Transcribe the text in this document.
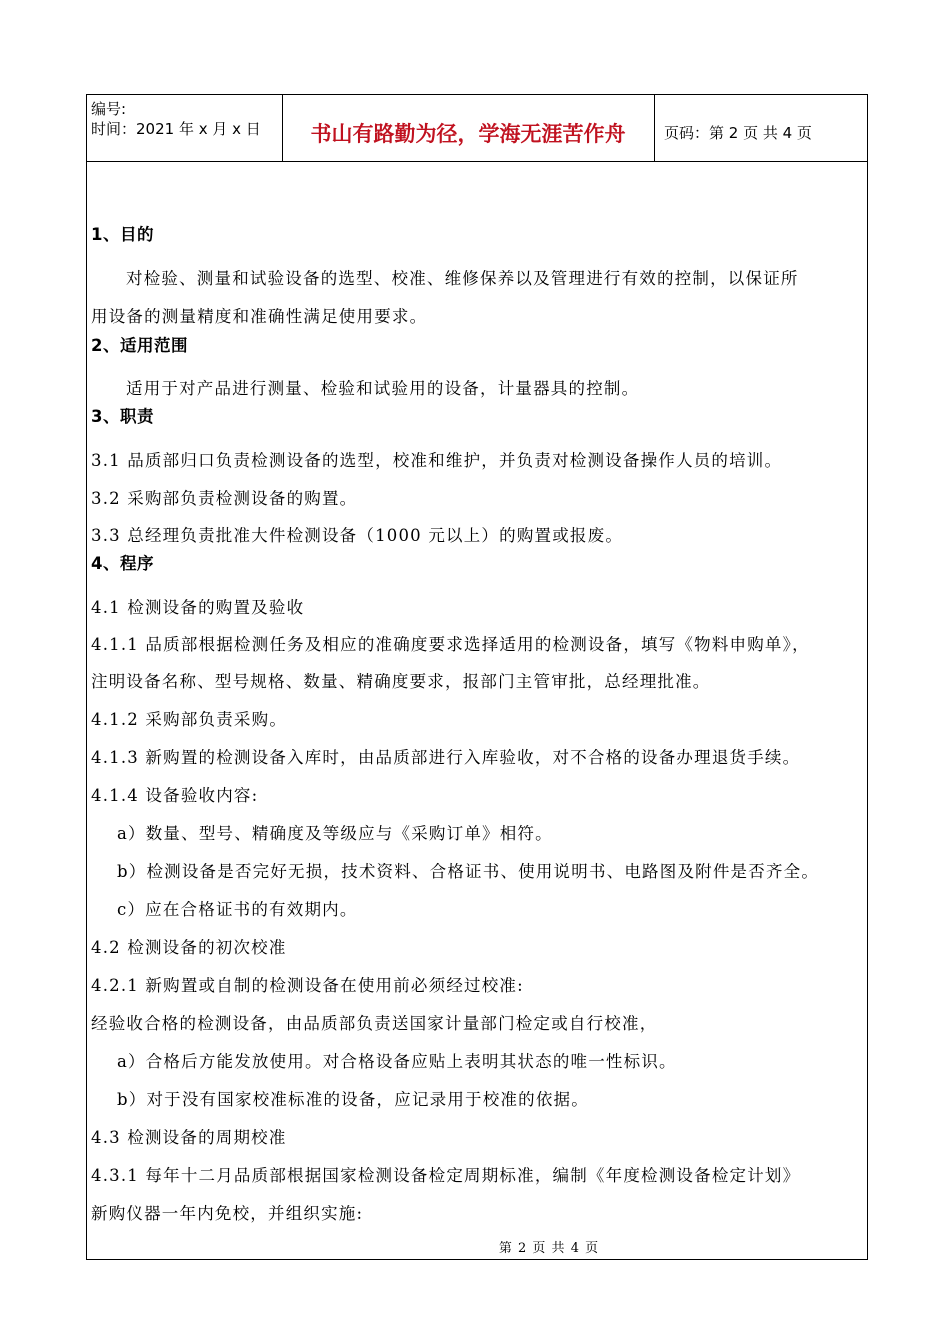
编号:
时间：2021 年 x 月 x 日	书山有路勤为径，学海无涯苦作舟	页码：第 2 页 共 4 页
1、目的
对检验、测量和试验设备的选型、校准、维修保养以及管理进行有效的控制，以保证所
用设备的测量精度和准确性满足使用要求。
2、适用范围
适用于对产品进行测量、检验和试验用的设备，计量器具的控制。
3、职责
3.1 品质部归口负责检测设备的选型，校准和维护，并负责对检测设备操作人员的培训。
3.2 采购部负责检测设备的购置。
3.3 总经理负责批准大件检测设备（1000 元以上）的购置或报废。
4、程序
4.1 检测设备的购置及验收
4.1.1 品质部根据检测任务及相应的准确度要求选择适用的检测设备，填写《物料申购单》，
注明设备名称、型号规格、数量、精确度要求，报部门主管审批，总经理批准。
4.1.2 采购部负责采购。
4.1.3 新购置的检测设备入库时，由品质部进行入库验收，对不合格的设备办理退货手续。
4.1.4 设备验收内容:
a）数量、型号、精确度及等级应与《采购订单》相符。
b）检测设备是否完好无损，技术资料、合格证书、使用说明书、电路图及附件是否齐全。
c）应在合格证书的有效期内。
4.2 检测设备的初次校准
4.2.1 新购置或自制的检测设备在使用前必须经过校准:
经验收合格的检测设备，由品质部负责送国家计量部门检定或自行校准，
a）合格后方能发放使用。对合格设备应贴上表明其状态的唯一性标识。
b）对于没有国家校准标准的设备，应记录用于校准的依据。
4.3 检测设备的周期校准
4.3.1 每年十二月品质部根据国家检测设备检定周期标准，编制《年度检测设备检定计划》
新购仪器一年内免校，并组织实施:
第 2 页 共 4 页
